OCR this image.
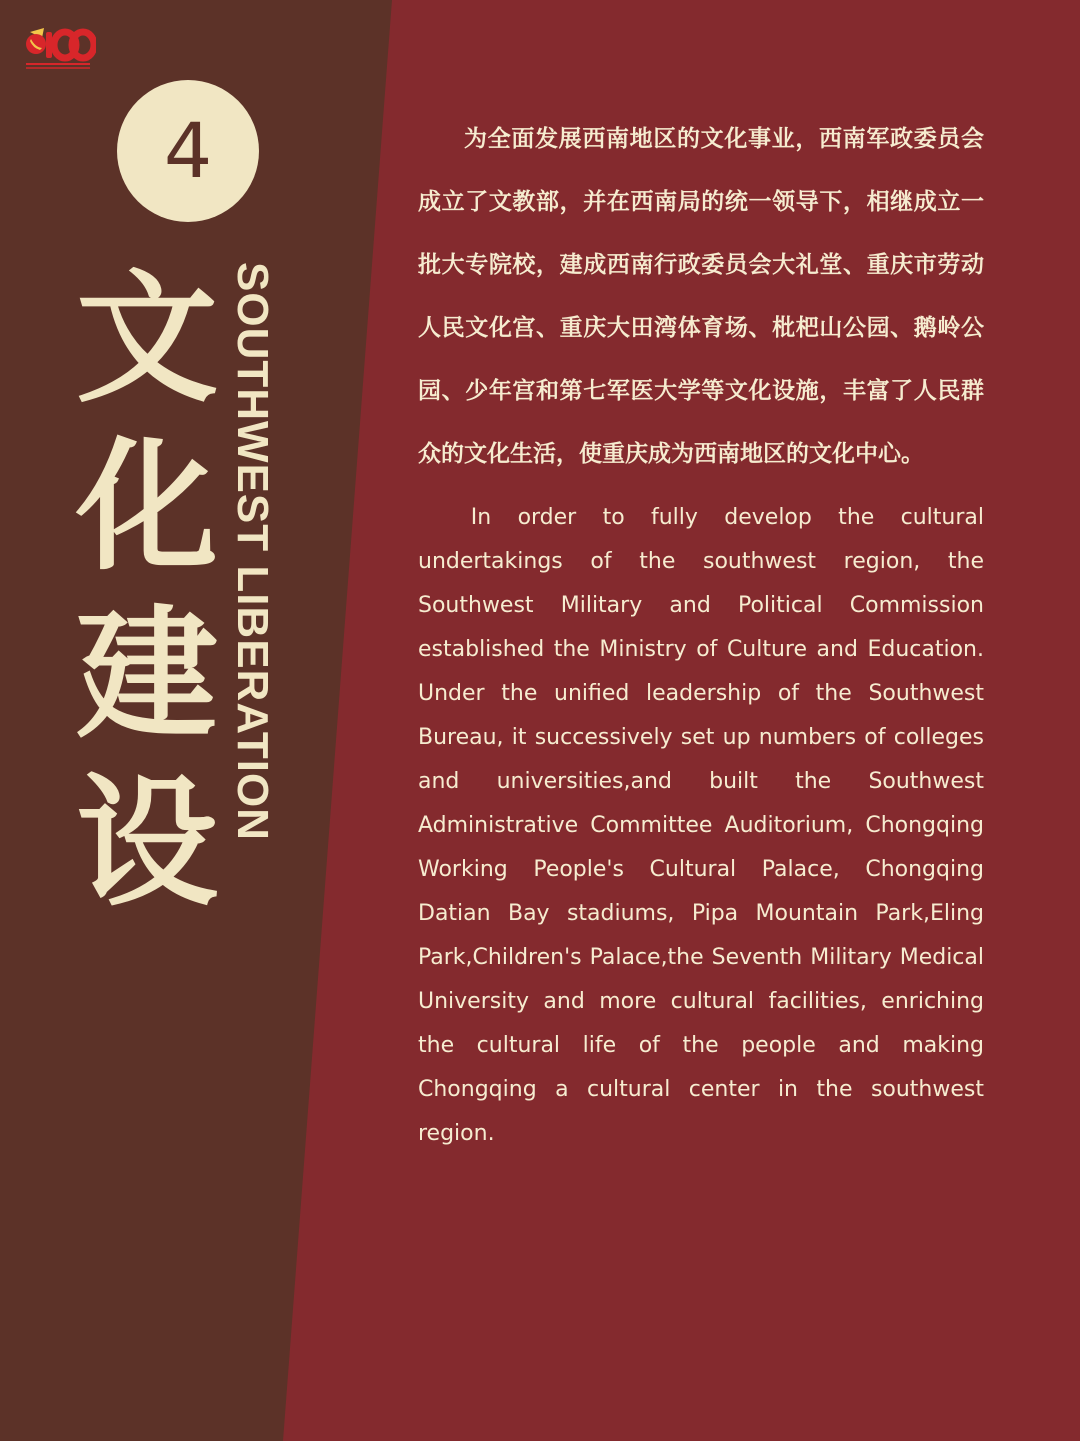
4
文
化
建
设
SOUTHWEST LIBERATION

为全面发展西南地区的文化事业，西南军政委员会成立了文教部，并在西南局的统一领导下，相继成立一批大专院校，建成西南行政委员会大礼堂、重庆市劳动人民文化宫、重庆大田湾体育场、枇杷山公园、鹅岭公园、少年宫和第七军医大学等文化设施，丰富了人民群众的文化生活，使重庆成为西南地区的文化中心。

In order to fully develop the cultural undertakings of the southwest region, the Southwest Military and Political Commission established the Ministry of Culture and Education. Under the unified leadership of the Southwest Bureau, it successively set up numbers of colleges and universities,and built the Southwest Administrative Committee Auditorium, Chongqing Working People's Cultural Palace, Chongqing Datian Bay stadiums, Pipa Mountain Park,Eling Park,Children's Palace,the Seventh Military Medical University and more cultural facilities, enriching the cultural life of the people and making Chongqing a cultural center in the southwest region.
